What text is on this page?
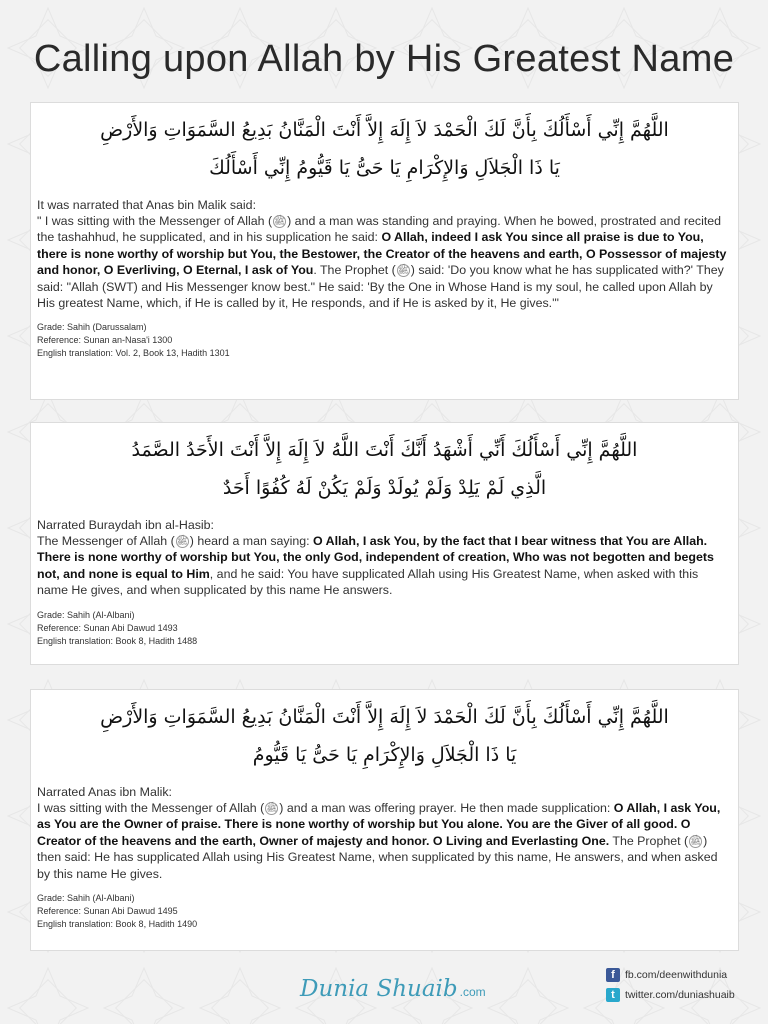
Calling upon Allah by His Greatest Name
اللَّهُمَّ إِنِّي أَسْأَلُكَ بِأَنَّ لَكَ الْحَمْدَ لاَ إِلَهَ إِلاَّ أَنْتَ الْمَنَّانُ بَدِيعُ السَّمَوَاتِ وَالأَرْضِ
يَا ذَا الْجَلاَلِ وَالإِكْرَامِ يَا حَىُّ يَا قَيُّومُ إِنِّي أَسْأَلُكَ
It was narrated that Anas bin Malik said:
" I was sitting with the Messenger of Allah ( ﷺ ) and a man was standing and praying. When he bowed, prostrated and recited the tashahhud, he supplicated, and in his supplication he said: O Allah, indeed I ask You since all praise is due to You, there is none worthy of worship but You, the Bestower, the Creator of the heavens and earth, O Possessor of majesty and honor, O Everliving, O Eternal, I ask of You. The Prophet ( ﷺ ) said: 'Do you know what he has supplicated with?' They said: "Allah (SWT) and His Messenger know best." He said: 'By the One in Whose Hand is my soul, he called upon Allah by His greatest Name, which, if He is called by it, He responds, and if He is asked by it, He gives.'"
Grade: Sahih (Darussalam)
Reference: Sunan an-Nasa'i 1300
English translation: Vol. 2, Book 13, Hadith 1301
اللَّهُمَّ إِنِّي أَسْأَلُكَ أَنِّي أَشْهَدُ أَنَّكَ أَنْتَ اللَّهُ لاَ إِلَهَ إِلاَّ أَنْتَ الأَحَدُ الصَّمَدُ
الَّذِي لَمْ يَلِدْ وَلَمْ يُولَدْ وَلَمْ يَكُنْ لَهُ كُفُوًا أَحَدٌ
Narrated Buraydah ibn al-Hasib:
The Messenger of Allah ( ﷺ ) heard a man saying: O Allah, I ask You, by the fact that I bear witness that You are Allah. There is none worthy of worship but You, the only God, independent of creation, Who was not begotten and begets not, and none is equal to Him, and he said: You have supplicated Allah using His Greatest Name, when asked with this name He gives, and when supplicated by this name He answers.
Grade: Sahih (Al-Albani)
Reference: Sunan Abi Dawud 1493
English translation: Book 8, Hadith 1488
اللَّهُمَّ إِنِّي أَسْأَلُكَ بِأَنَّ لَكَ الْحَمْدَ لاَ إِلَهَ إِلاَّ أَنْتَ الْمَنَّانُ بَدِيعُ السَّمَوَاتِ وَالأَرْضِ
يَا ذَا الْجَلاَلِ وَالإِكْرَامِ يَا حَىُّ يَا قَيُّومُ
Narrated Anas ibn Malik:
I was sitting with the Messenger of Allah ( ﷺ ) and a man was offering prayer. He then made supplication: O Allah, I ask You, as You are the Owner of praise. There is none worthy of worship but You alone. You are the Giver of all good. O Creator of the heavens and the earth, Owner of majesty and honor. O Living and Everlasting One. The Prophet ( ﷺ ) then said: He has supplicated Allah using His Greatest Name, when supplicated by this name, He answers, and when asked by this name He gives.
Grade: Sahih (Al-Albani)
Reference: Sunan Abi Dawud 1495
English translation: Book 8, Hadith 1490
Dunia Shuaib .com
f fb.com/deenwithdunia
t twitter.com/duniashuaib
